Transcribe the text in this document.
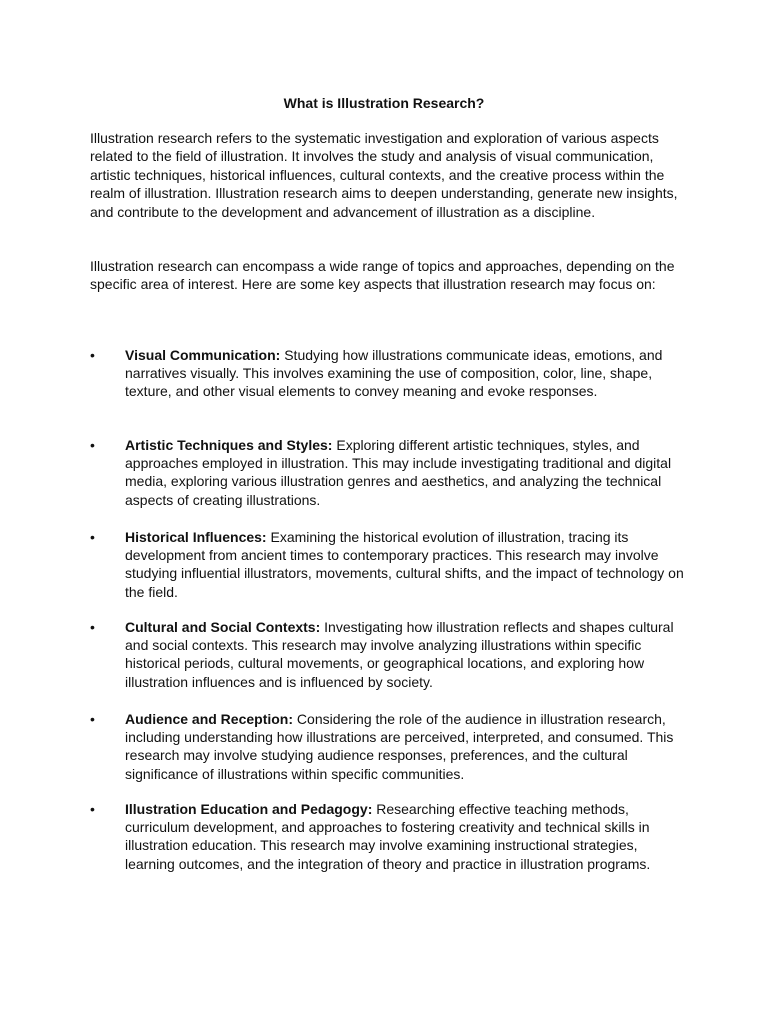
What is Illustration Research?

Illustration research refers to the systematic investigation and exploration of various aspects related to the field of illustration. It involves the study and analysis of visual communication, artistic techniques, historical influences, cultural contexts, and the creative process within the realm of illustration. Illustration research aims to deepen understanding, generate new insights, and contribute to the development and advancement of illustration as a discipline.

Illustration research can encompass a wide range of topics and approaches, depending on the specific area of interest. Here are some key aspects that illustration research may focus on:

• Visual Communication: Studying how illustrations communicate ideas, emotions, and narratives visually. This involves examining the use of composition, color, line, shape, texture, and other visual elements to convey meaning and evoke responses.

• Artistic Techniques and Styles: Exploring different artistic techniques, styles, and approaches employed in illustration. This may include investigating traditional and digital media, exploring various illustration genres and aesthetics, and analyzing the technical aspects of creating illustrations.

• Historical Influences: Examining the historical evolution of illustration, tracing its development from ancient times to contemporary practices. This research may involve studying influential illustrators, movements, cultural shifts, and the impact of technology on the field.

• Cultural and Social Contexts: Investigating how illustration reflects and shapes cultural and social contexts. This research may involve analyzing illustrations within specific historical periods, cultural movements, or geographical locations, and exploring how illustration influences and is influenced by society.

• Audience and Reception: Considering the role of the audience in illustration research, including understanding how illustrations are perceived, interpreted, and consumed. This research may involve studying audience responses, preferences, and the cultural significance of illustrations within specific communities.

• Illustration Education and Pedagogy: Researching effective teaching methods, curriculum development, and approaches to fostering creativity and technical skills in illustration education. This research may involve examining instructional strategies, learning outcomes, and the integration of theory and practice in illustration programs.
